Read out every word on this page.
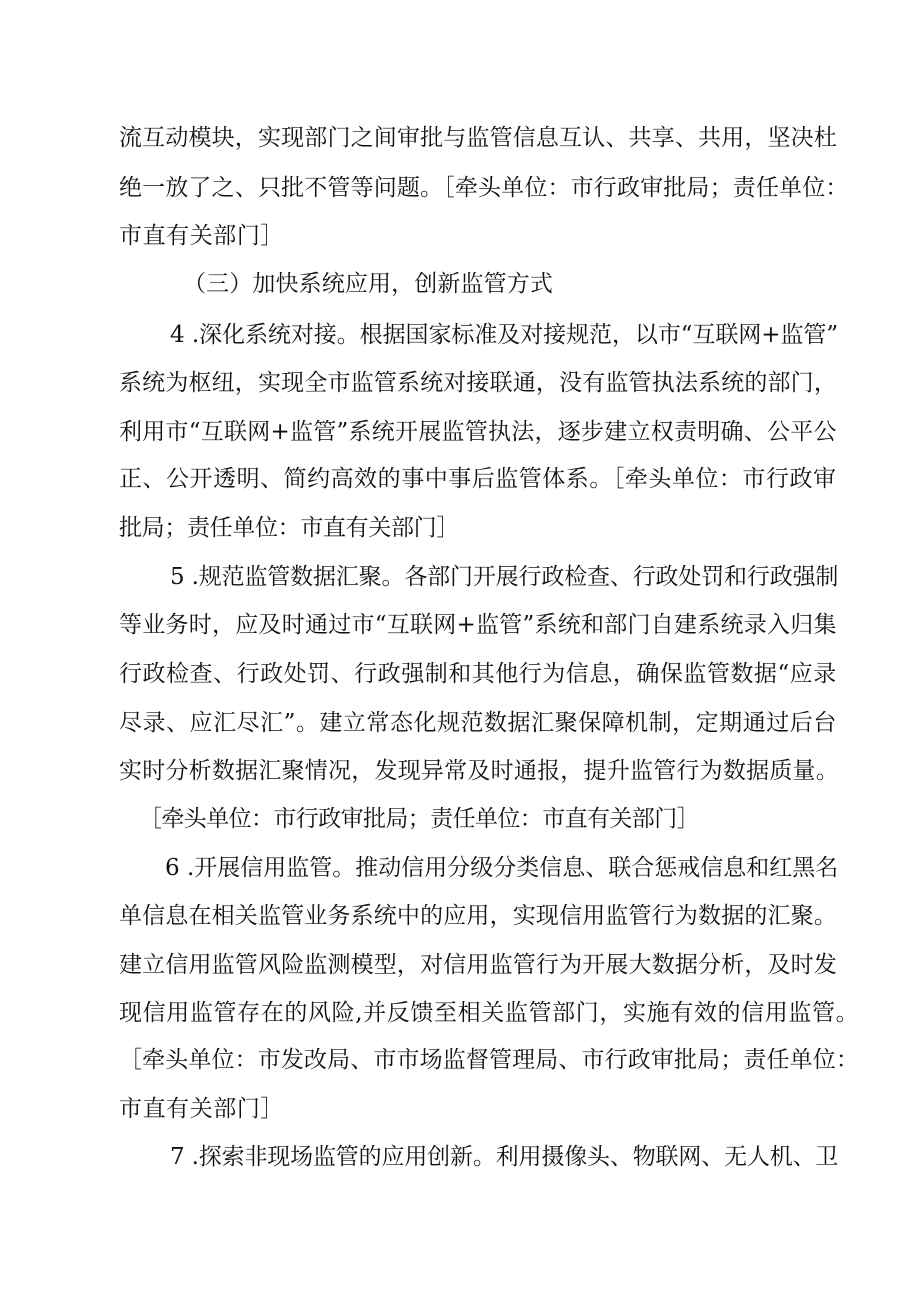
流互动模块，实现部门之间审批与监管信息互认、共享、共用，坚决杜
绝一放了之、只批不管等问题。［牵头单位：市行政审批局；责任单位：
市直有关部门］
（三）加快系统应用，创新监管方式
4 .深化系统对接。根据国家标准及对接规范，以市“互联网+监管”
系统为枢纽，实现全市监管系统对接联通，没有监管执法系统的部门，
利用市“互联网+监管”系统开展监管执法，逐步建立权责明确、公平公
正、公开透明、简约高效的事中事后监管体系。［牵头单位：市行政审
批局；责任单位：市直有关部门］
5 .规范监管数据汇聚。各部门开展行政检查、行政处罚和行政强制
等业务时，应及时通过市“互联网+监管”系统和部门自建系统录入归集
行政检查、行政处罚、行政强制和其他行为信息，确保监管数据“应录
尽录、应汇尽汇”。建立常态化规范数据汇聚保障机制，定期通过后台
实时分析数据汇聚情况，发现异常及时通报，提升监管行为数据质量。
［牵头单位：市行政审批局；责任单位：市直有关部门］
6 .开展信用监管。推动信用分级分类信息、联合惩戒信息和红黑名
单信息在相关监管业务系统中的应用，实现信用监管行为数据的汇聚。
建立信用监管风险监测模型，对信用监管行为开展大数据分析，及时发
现信用监管存在的风险,并反馈至相关监管部门，实施有效的信用监管。
［牵头单位：市发改局、市市场监督管理局、市行政审批局；责任单位：
市直有关部门］
7 .探索非现场监管的应用创新。利用摄像头、物联网、无人机、卫
